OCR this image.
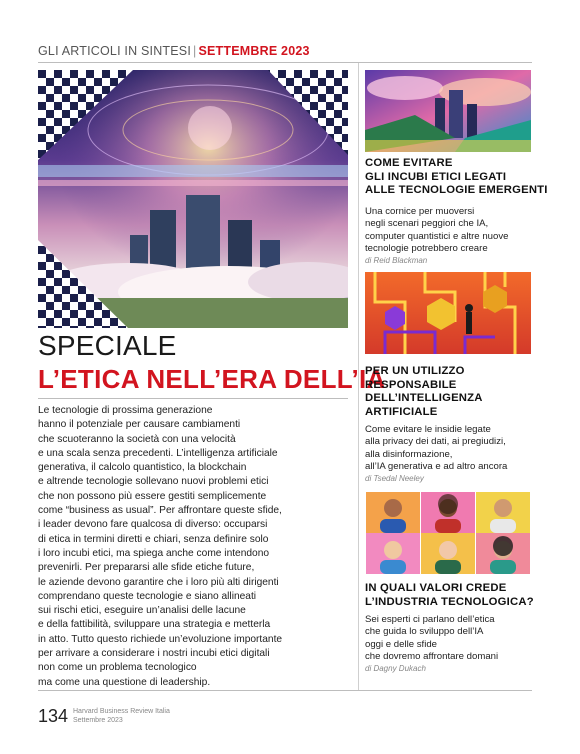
GLI ARTICOLI IN SINTESI | SETTEMBRE 2023
SPECIALE
L’ETICA NELL’ERA DELL’IA
Le tecnologie di prossima generazione
hanno il potenziale per causare cambiamenti
che scuoteranno la società con una velocità
e una scala senza precedenti. L’intelligenza artificiale
generativa, il calcolo quantistico, la blockchain
e altrende tecnologie sollevano nuovi problemi etici
che non possono più essere gestiti semplicemente
come “business as usual”. Per affrontare queste sfide,
i leader devono fare qualcosa di diverso: occuparsi
di etica in termini diretti e chiari, senza definire solo
i loro incubi etici, ma spiega anche come intendono
prevenirli. Per prepararsi alle sfide etiche future,
le aziende devono garantire che i loro più alti dirigenti
comprendano queste tecnologie e siano allineati
sui rischi etici, eseguire un’analisi delle lacune
e della fattibilità, sviluppare una strategia e metterla
in atto. Tutto questo richiede un’evoluzione importante
per arrivare a considerare i nostri incubi etici digitali
non come un problema tecnologico
ma come una questione di leadership.
COME EVITARE
GLI INCUBI ETICI LEGATI
ALLE TECNOLOGIE EMERGENTI
Una cornice per muoversi
negli scenari peggiori che IA,
computer quantistici e altre nuove
tecnologie potrebbero creare
di Reid Blackman
PER UN UTILIZZO
RESPONSABILE
DELL’INTELLIGENZA
ARTIFICIALE
Come evitare le insidie legate
alla privacy dei dati, ai pregiudizi,
alla disinformazione,
all’IA generativa e ad altro ancora
di Tsedal Neeley
IN QUALI VALORI CREDE
L’INDUSTRIA TECNOLOGICA?
Sei esperti ci parlano dell’etica
che guida lo sviluppo dell’IA
oggi e delle sfide
che dovremo affrontare domani
di Dagny Dukach
134 Harvard Business Review Italia
Settembre 2023
